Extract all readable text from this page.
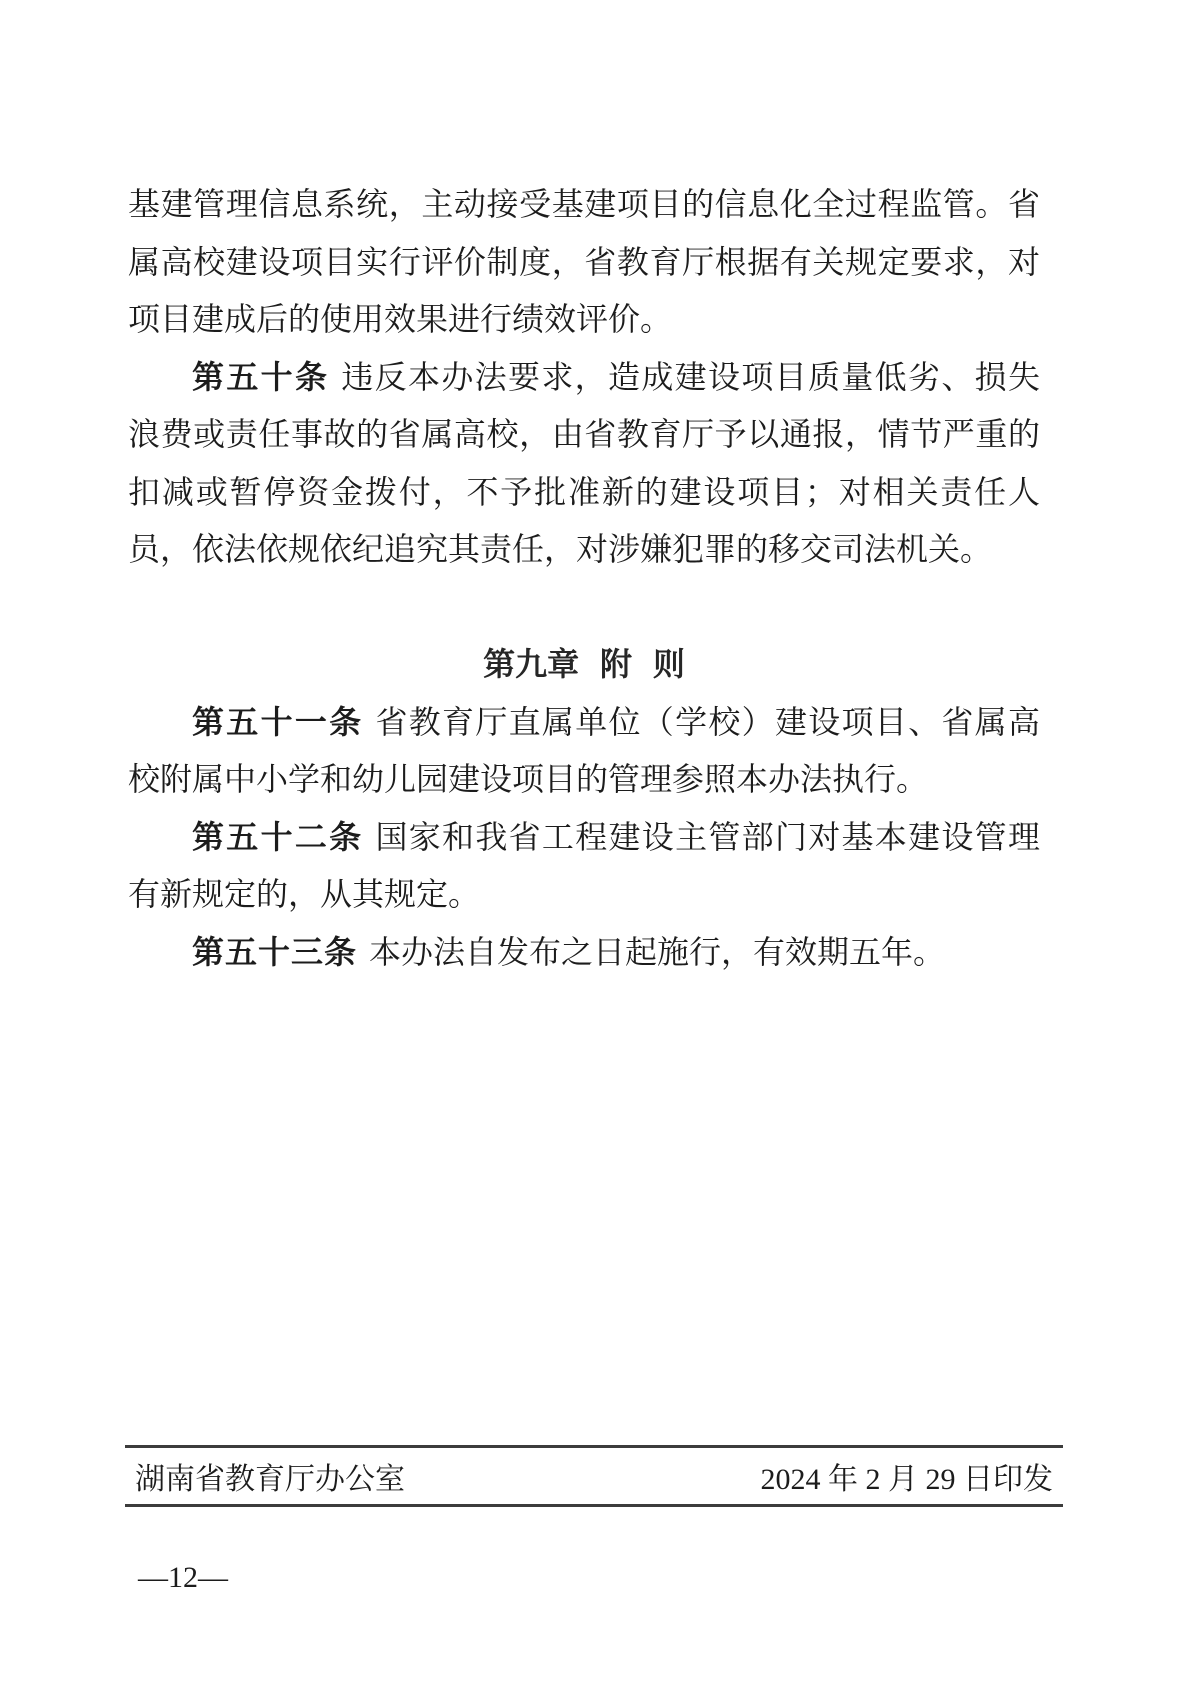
基建管理信息系统，主动接受基建项目的信息化全过程监管。省属高校建设项目实行评价制度，省教育厅根据有关规定要求，对项目建成后的使用效果进行绩效评价。

第五十条 违反本办法要求，造成建设项目质量低劣、损失浪费或责任事故的省属高校，由省教育厅予以通报，情节严重的扣减或暂停资金拨付，不予批准新的建设项目；对相关责任人员，依法依规依纪追究其责任，对涉嫌犯罪的移交司法机关。

第九章 附 则

第五十一条 省教育厅直属单位（学校）建设项目、省属高校附属中小学和幼儿园建设项目的管理参照本办法执行。

第五十二条 国家和我省工程建设主管部门对基本建设管理有新规定的，从其规定。

第五十三条 本办法自发布之日起施行，有效期五年。

湖南省教育厅办公室	2024 年 2 月 29 日印发
—12—
